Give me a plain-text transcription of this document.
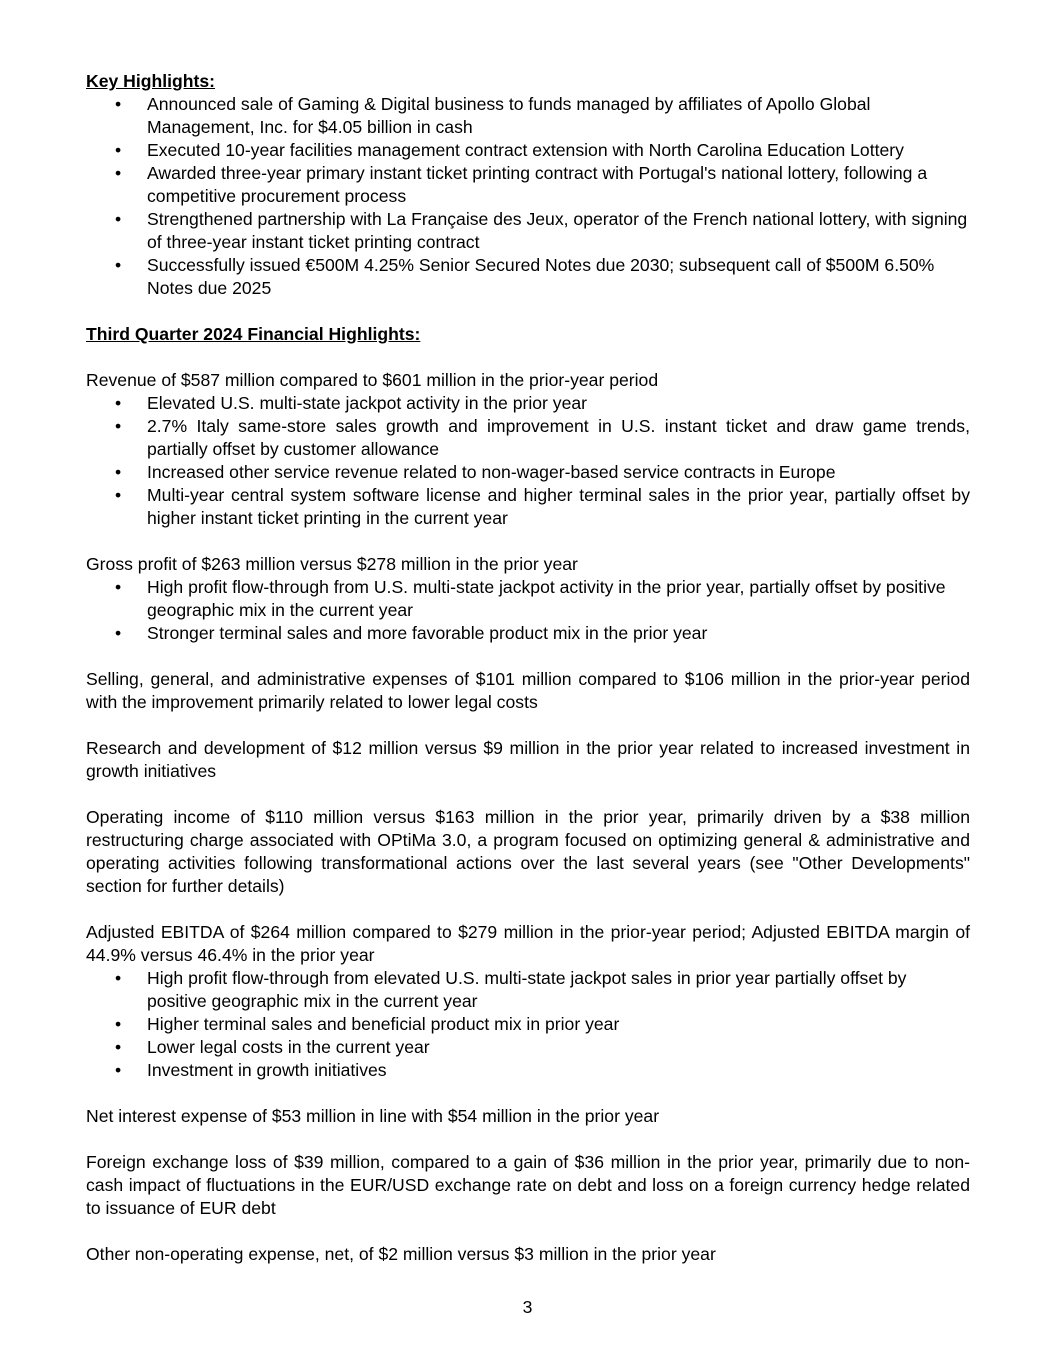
Key Highlights:

• Announced sale of Gaming & Digital business to funds managed by affiliates of Apollo Global Management, Inc. for $4.05 billion in cash
• Executed 10-year facilities management contract extension with North Carolina Education Lottery
• Awarded three-year primary instant ticket printing contract with Portugal's national lottery, following a competitive procurement process
• Strengthened partnership with La Française des Jeux, operator of the French national lottery, with signing of three-year instant ticket printing contract
• Successfully issued €500M 4.25% Senior Secured Notes due 2030; subsequent call of $500M 6.50% Notes due 2025

Third Quarter 2024 Financial Highlights:

Revenue of $587 million compared to $601 million in the prior-year period

• Elevated U.S. multi-state jackpot activity in the prior year
• 2.7% Italy same-store sales growth and improvement in U.S. instant ticket and draw game trends, partially offset by customer allowance
• Increased other service revenue related to non-wager-based service contracts in Europe
• Multi-year central system software license and higher terminal sales in the prior year, partially offset by higher instant ticket printing in the current year

Gross profit of $263 million versus $278 million in the prior year

• High profit flow-through from U.S. multi-state jackpot activity in the prior year, partially offset by positive geographic mix in the current year
• Stronger terminal sales and more favorable product mix in the prior year

Selling, general, and administrative expenses of $101 million compared to $106 million in the prior-year period with the improvement primarily related to lower legal costs

Research and development of $12 million versus $9 million in the prior year related to increased investment in growth initiatives

Operating income of $110 million versus $163 million in the prior year, primarily driven by a $38 million restructuring charge associated with OPtiMa 3.0, a program focused on optimizing general & administrative and operating activities following transformational actions over the last several years (see "Other Developments" section for further details)

Adjusted EBITDA of $264 million compared to $279 million in the prior-year period; Adjusted EBITDA margin of 44.9% versus 46.4% in the prior year

• High profit flow-through from elevated U.S. multi-state jackpot sales in prior year partially offset by positive geographic mix in the current year
• Higher terminal sales and beneficial product mix in prior year
• Lower legal costs in the current year
• Investment in growth initiatives

Net interest expense of $53 million in line with $54 million in the prior year

Foreign exchange loss of $39 million, compared to a gain of $36 million in the prior year, primarily due to non-cash impact of fluctuations in the EUR/USD exchange rate on debt and loss on a foreign currency hedge related to issuance of EUR debt

Other non-operating expense, net, of $2 million versus $3 million in the prior year

3
